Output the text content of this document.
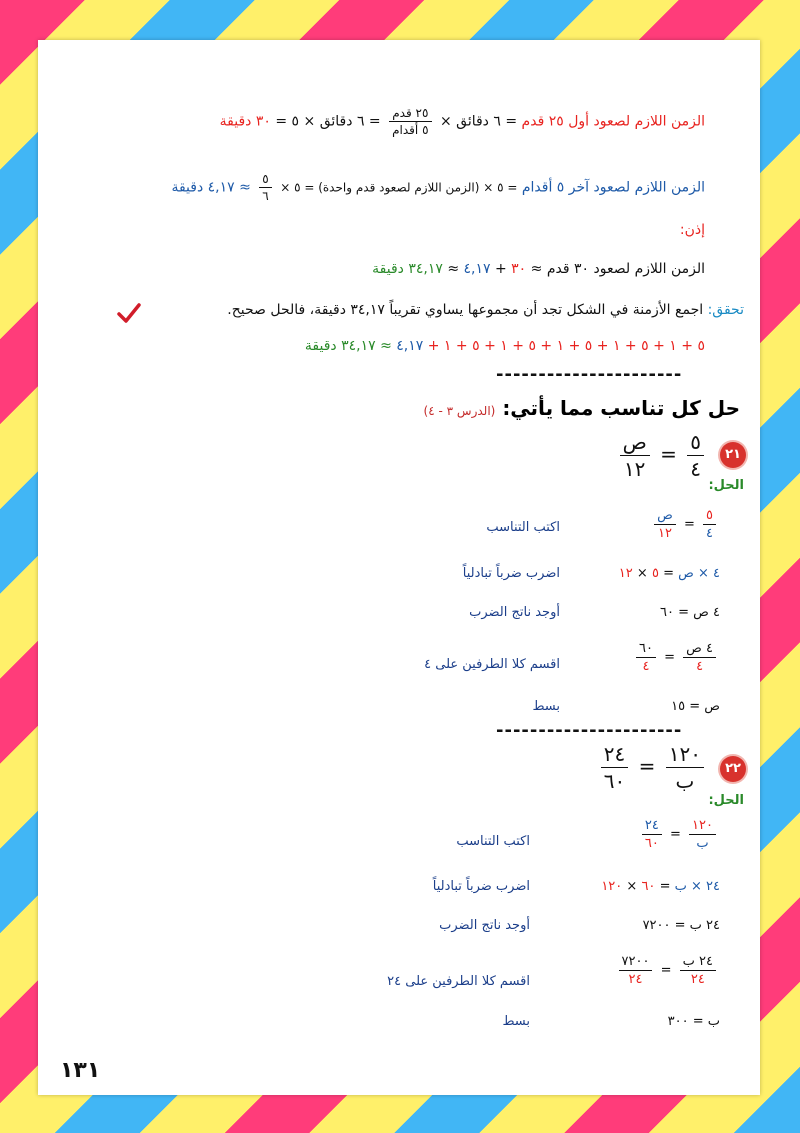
الزمن اللازم لصعود أول ٢٥ قدم = ٦ دقائق ×
$\frac{\text{٢٥ قدم}}{\text{٥ أقدام}}$
= ٦ دقائق × ٥ = ٣٠ دقيقة
الزمن اللازم لصعود آخر ٥ أقدام = ٥ × (الزمن اللازم لصعود قدم واحدة) = ٥ ×
$\frac{٥}{٦}$
≈ ٤,١٧ دقيقة
إذن:
الزمن اللازم لصعود ٣٠ قدم ≈ ٣٠ + ٤,١٧ ≈ ٣٤,١٧ دقيقة
تحقق: اجمع الأزمنة في الشكل تجد أن مجموعها يساوي تقريباً ٣٤,١٧ دقيقة، فالحل صحيح.
٥ + ١ + ٥ + ١ + ٥ + ١ + ٥ + ١ + ٥ + ١ + ٤,١٧ ≈ ٣٤,١٧ دقيقة
----------------------
حل كل تناسب مما يأتي: (الدرس ٣ - ٤)
٢١
$\frac{٥}{٤}$
=
$\frac{\text{ص}}{١٢}$
الحل:
$\frac{٥}{٤}$
=
$\frac{\text{ص}}{١٢}$
اكتب التناسب
٤ × ص = ٥ × ١٢
اضرب ضرباً تبادلياً
٤ ص = ٦٠
أوجد ناتج الضرب
$\frac{\text{٤ ص}}{٤}$
=
$\frac{٦٠}{٤}$
اقسم كلا الطرفين على ٤
ص = ١٥
بسط
----------------------
٢٢
$\frac{١٢٠}{\text{ب}}$
=
$\frac{٢٤}{٦٠}$
الحل:
$\frac{١٢٠}{\text{ب}}$
=
$\frac{٢٤}{٦٠}$
اكتب التناسب
٢٤ × ب = ٦٠ × ١٢٠
اضرب ضرباً تبادلياً
٢٤ ب = ٧٢٠٠
أوجد ناتج الضرب
$\frac{\text{٢٤ ب}}{٢٤}$
=
$\frac{٧٢٠٠}{٢٤}$
اقسم كلا الطرفين على ٢٤
ب = ٣٠٠
بسط
١٣١
